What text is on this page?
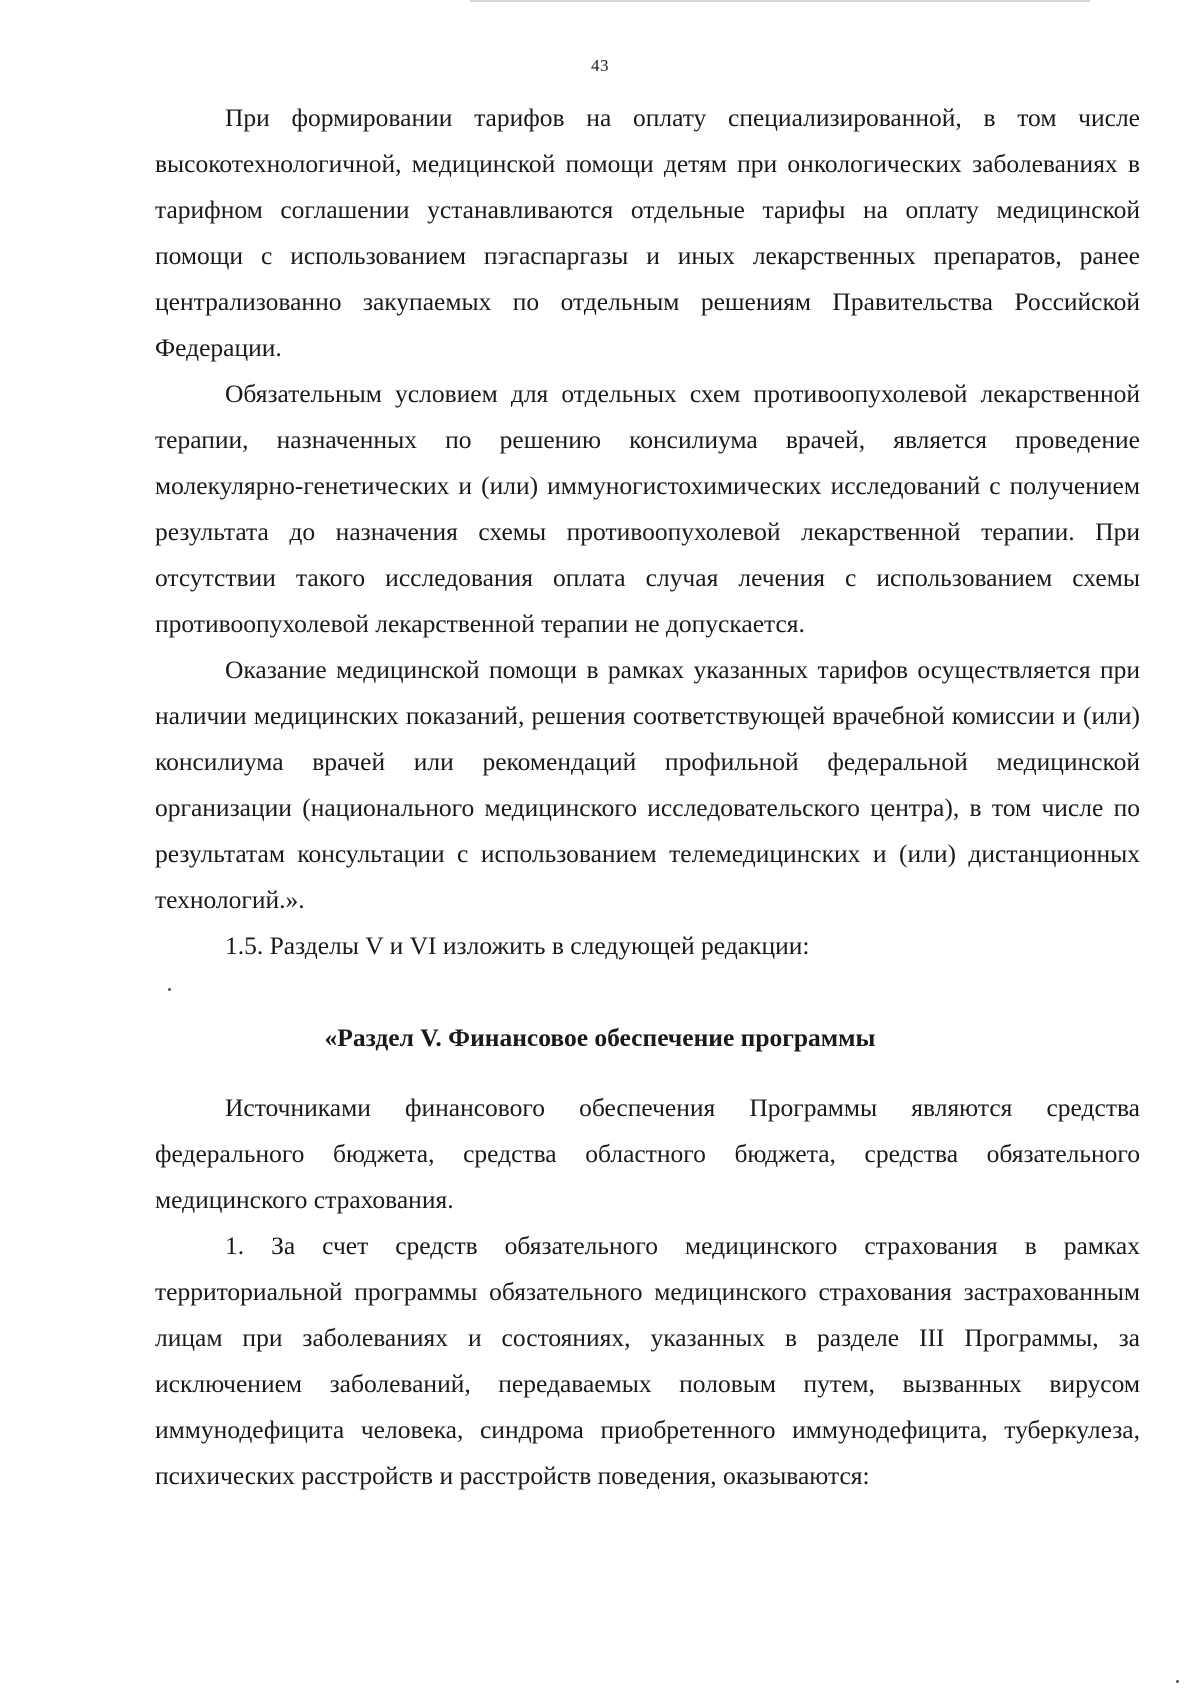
43

При формировании тарифов на оплату специализированной, в том числе высокотехнологичной, медицинской помощи детям при онкологических заболеваниях в тарифном соглашении устанавливаются отдельные тарифы на оплату медицинской помощи с использованием пэгаспаргазы и иных лекарственных препаратов, ранее централизованно закупаемых по отдельным решениям Правительства Российской Федерации.

Обязательным условием для отдельных схем противоопухолевой лекарственной терапии, назначенных по решению консилиума врачей, является проведение молекулярно-генетических и (или) иммуногистохимических исследований с получением результата до назначения схемы противоопухолевой лекарственной терапии. При отсутствии такого исследования оплата случая лечения с использованием схемы противоопухолевой лекарственной терапии не допускается.

Оказание медицинской помощи в рамках указанных тарифов осуществляется при наличии медицинских показаний, решения соответствующей врачебной комиссии и (или) консилиума врачей или рекомендаций профильной федеральной медицинской организации (национального медицинского исследовательского центра), в том числе по результатам консультации с использованием телемедицинских и (или) дистанционных технологий.».

1.5. Разделы V и VI изложить в следующей редакции:

«Раздел V. Финансовое обеспечение программы

Источниками финансового обеспечения Программы являются средства федерального бюджета, средства областного бюджета, средства обязательного медицинского страхования.

1. За счет средств обязательного медицинского страхования в рамках территориальной программы обязательного медицинского страхования застрахованным лицам при заболеваниях и состояниях, указанных в разделе III Программы, за исключением заболеваний, передаваемых половым путем, вызванных вирусом иммунодефицита человека, синдрома приобретенного иммунодефицита, туберкулеза, психических расстройств и расстройств поведения, оказываются:
